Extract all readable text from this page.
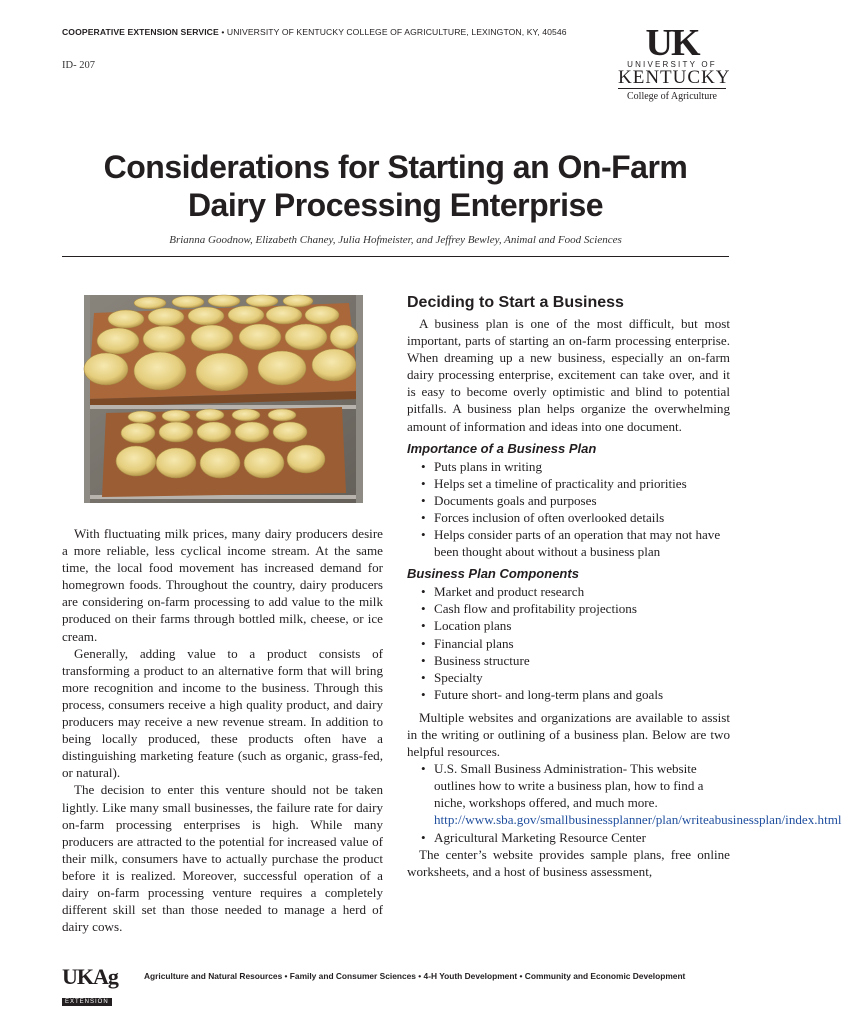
COOPERATIVE EXTENSION SERVICE • UNIVERSITY OF KENTUCKY COLLEGE OF AGRICULTURE, LEXINGTON, KY, 40546
ID- 207
UK
UNIVERSITY OF
KENTUCKY
College of Agriculture
Considerations for Starting an On-Farm
Dairy Processing Enterprise
Brianna Goodnow, Elizabeth Chaney, Julia Hofmeister, and Jeffrey Bewley, Animal and Food Sciences

With fluctuating milk prices, many dairy producers desire a more reliable, less cyclical income stream. At the same time, the local food movement has increased demand for homegrown foods. Throughout the country, dairy producers are considering on-farm processing to add value to the milk produced on their farms through bottled milk, cheese, or ice cream.

Generally, adding value to a product consists of transforming a product to an alternative form that will bring more recognition and income to the business. Through this process, consumers receive a high quality product, and dairy producers may receive a new revenue stream. In addition to being locally produced, these products often have a distinguishing marketing feature (such as organic, grass-fed, or natural).

The decision to enter this venture should not be taken lightly. Like many small businesses, the failure rate for dairy on-farm processing enterprises is high. While many producers are attracted to the potential for increased value of their milk, consumers have to actually purchase the product before it is realized. Moreover, successful operation of a dairy on-farm processing venture requires a completely different skill set than those needed to manage a herd of dairy cows.

Deciding to Start a Business

A business plan is one of the most difficult, but most important, parts of starting an on-farm processing enterprise. When dreaming up a new business, especially an on-farm dairy processing enterprise, excitement can take over, and it is easy to become overly optimistic and blind to potential pitfalls. A business plan helps organize the overwhelming amount of information and ideas into one document.

Importance of a Business Plan
• Puts plans in writing
• Helps set a timeline of practicality and priorities
• Documents goals and purposes
• Forces inclusion of often overlooked details
• Helps consider parts of an operation that may not have been thought about without a business plan
Business Plan Components
• Market and product research
• Cash flow and profitability projections
• Location plans
• Financial plans
• Business structure
• Specialty
• Future short- and long-term plans and goals

Multiple websites and organizations are available to assist in the writing or outlining of a business plan. Below are two helpful resources.

• U.S. Small Business Administration- This website outlines how to write a business plan, how to find a niche, workshops offered, and much more. http://www.sba.gov/smallbusinessplanner/plan/writeabusinessplan/index.html
• Agricultural Marketing Resource Center

The center’s website provides sample plans, free online worksheets, and a host of business assessment,

UKAg
EXTENSION
Agriculture and Natural Resources • Family and Consumer Sciences • 4-H Youth Development • Community and Economic Development
